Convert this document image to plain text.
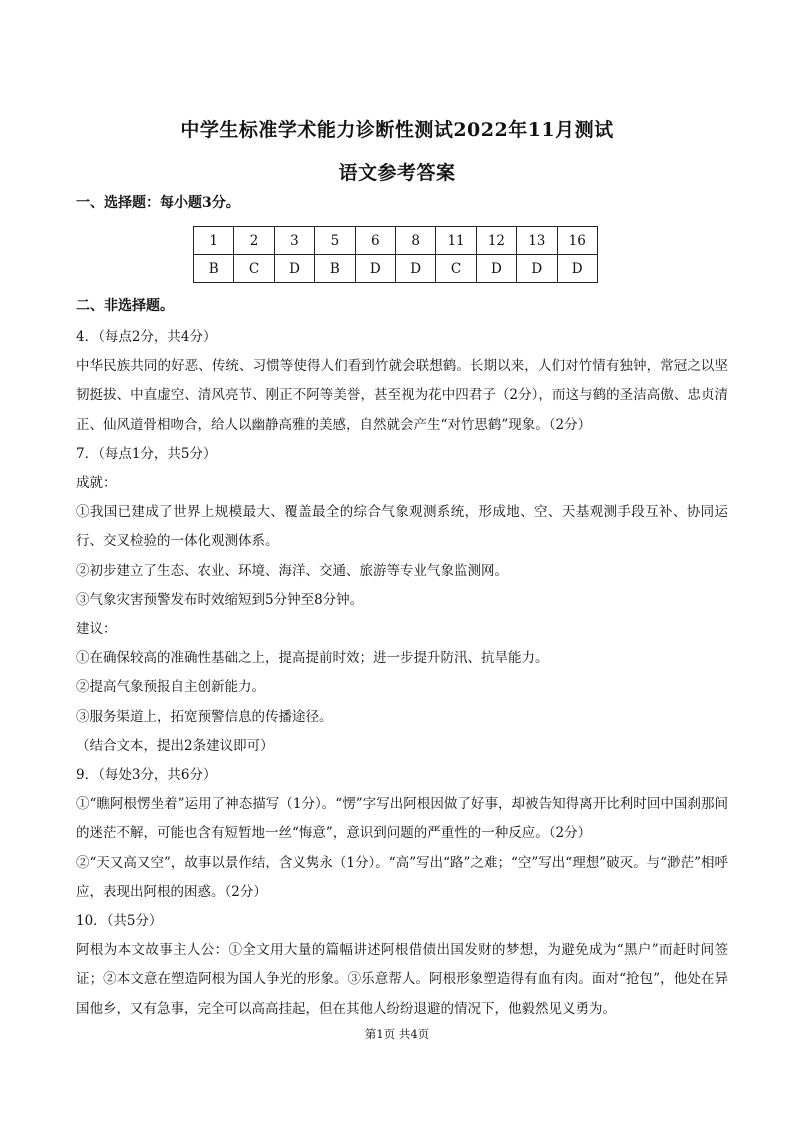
中学生标准学术能力诊断性测试2022年11月测试
语文参考答案
一、选择题：每小题3分。
1	2	3	5	6	8	11	12	13	16
B	C	D	B	D	D	C	D	D	D
二、非选择题。

4．（每点2分，共4分）

中华民族共同的好恶、传统、习惯等使得人们看到竹就会联想鹤。长期以来，人们对竹情有独钟，常冠之以坚韧挺拔、中直虚空、清风亮节、刚正不阿等美誉，甚至视为花中四君子（2分），而这与鹤的圣洁高傲、忠贞清正、仙风道骨相吻合，给人以幽静高雅的美感，自然就会产生“对竹思鹤”现象。（2分）

7．（每点1分，共5分）

成就：

①我国已建成了世界上规模最大、覆盖最全的综合气象观测系统，形成地、空、天基观测手段互补、协同运行、交叉检验的一体化观测体系。

②初步建立了生态、农业、环境、海洋、交通、旅游等专业气象监测网。

③气象灾害预警发布时效缩短到5分钟至8分钟。

建议：

①在确保较高的准确性基础之上，提高提前时效；进一步提升防汛、抗旱能力。

②提高气象预报自主创新能力。

③服务渠道上，拓宽预警信息的传播途径。

（结合文本，提出2条建议即可）

9．（每处3分，共6分）

①“瞧阿根愣坐着”运用了神态描写（1分）。“愣”字写出阿根因做了好事，却被告知得离开比利时回中国刹那间的迷茫不解，可能也含有短暂地一丝“悔意”，意识到问题的严重性的一种反应。（2分）

②“天又高又空”，故事以景作结，含义隽永（1分）。“高”写出“路”之难；“空”写出“理想”破灭。与“渺茫”相呼应，表现出阿根的困惑。（2分）

10．（共5分）

阿根为本文故事主人公：①全文用大量的篇幅讲述阿根借债出国发财的梦想，为避免成为“黑户”而赶时间签证；②本文意在塑造阿根为国人争光的形象。③乐意帮人。阿根形象塑造得有血有肉。面对“抢包”，他处在异国他乡，又有急事，完全可以高高挂起，但在其他人纷纷退避的情况下，他毅然见义勇为。

第1页 共4页
